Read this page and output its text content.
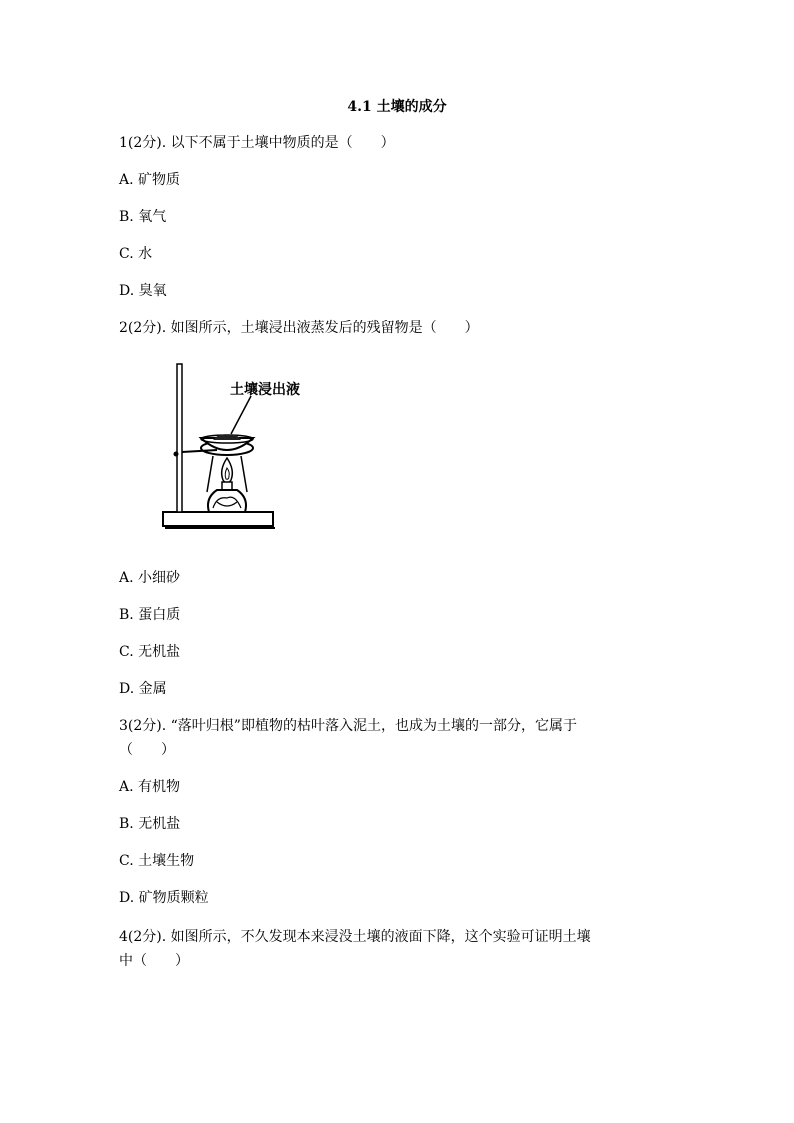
4.1 土壤的成分
1(2分). 以下不属于土壤中物质的是（　　）
A. 矿物质
B. 氧气
C. 水
D. 臭氧
2(2分). 如图所示，土壤浸出液蒸发后的残留物是（　　）
土壤浸出液
A. 小细砂
B. 蛋白质
C. 无机盐
D. 金属
3(2分). “落叶归根”即植物的枯叶落入泥土，也成为土壤的一部分，它属于
（　　）
A. 有机物
B. 无机盐
C. 土壤生物
D. 矿物质颗粒
4(2分). 如图所示，不久发现本来浸没土壤的液面下降，这个实验可证明土壤
中（　　）
